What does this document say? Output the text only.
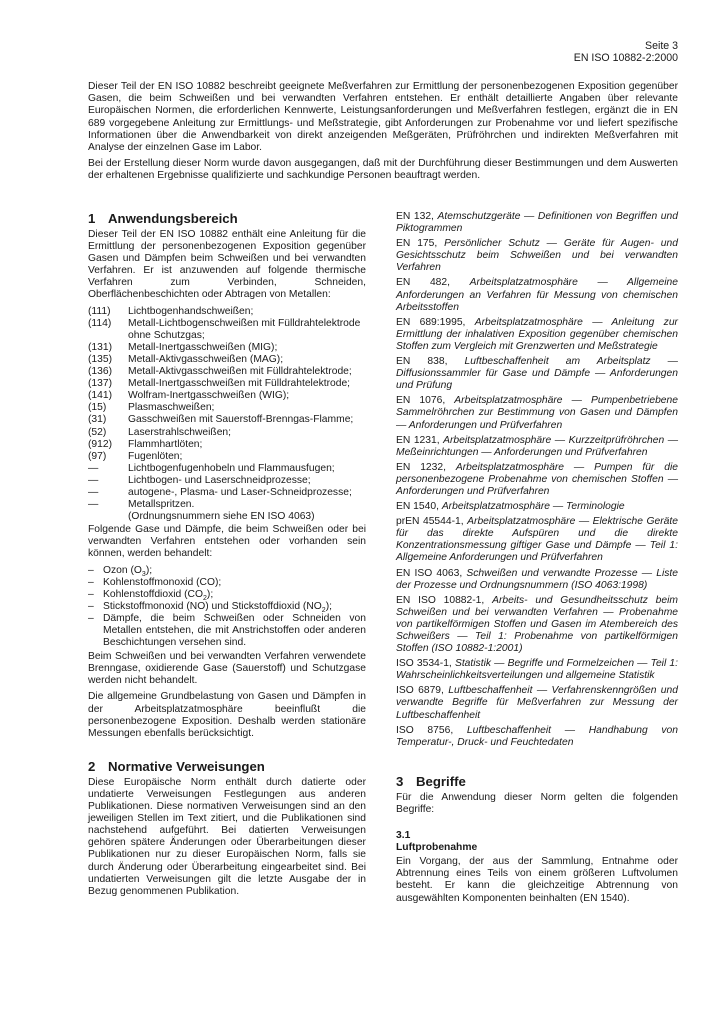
Seite 3
EN ISO 10882-2:2000

Dieser Teil der EN ISO 10882 beschreibt geeignete Meßverfahren zur Ermittlung der personenbezogenen Exposition gegenüber Gasen, die beim Schweißen und bei verwandten Verfahren entstehen. Er enthält detaillierte Angaben über relevante Europäischen Normen, die erforderlichen Kennwerte, Leistungsanforderungen und Meßverfahren festlegen, ergänzt die in EN 689 vorgegebene Anleitung zur Ermittlungs- und Meßstrategie, gibt Anforderungen zur Probenahme vor und liefert spezifische Informationen über die Anwendbarkeit von direkt anzeigenden Meßgeräten, Prüfröhrchen und indirekten Meßverfahren mit Analyse der einzelnen Gase im Labor.

Bei der Erstellung dieser Norm wurde davon ausgegangen, daß mit der Durchführung dieser Bestimmungen und dem Auswerten der erhaltenen Ergebnisse qualifizierte und sachkundige Personen beauftragt werden.

1 Anwendungsbereich

Dieser Teil der EN ISO 10882 enthält eine Anleitung für die Ermittlung der personenbezogenen Exposition gegenüber Gasen und Dämpfen beim Schweißen und bei verwandten Verfahren. Er ist anzuwenden auf folgende thermische Verfahren zum Verbinden, Schneiden, Oberflächenbeschichten oder Abtragen von Metallen:

(111)	Lichtbogenhandschweißen;
(114)	Metall-Lichtbogenschweißen mit Fülldrahtelektrode ohne Schutzgas;
(131)	Metall-Inertgasschweißen (MIG);
(135)	Metall-Aktivgasschweißen (MAG);
(136)	Metall-Aktivgasschweißen mit Fülldrahtelektrode;
(137)	Metall-Inertgasschweißen mit Fülldrahtelektrode;
(141)	Wolfram-Inertgasschweißen (WIG);
(15)	Plasmaschweißen;
(31)	Gasschweißen mit Sauerstoff-Brenngas-Flamme;
(52)	Laserstrahlschweißen;
(912)	Flammhartlöten;
(97)	Fugenlöten;
—	Lichtbogenfugenhobeln und Flammausfugen;
—	Lichtbogen- und Laserschneidprozesse;
—	autogene-, Plasma- und Laser-Schneidprozesse;
—	Metallspritzen.
(Ordnungsnummern siehe EN ISO 4063)

Folgende Gase und Dämpfe, die beim Schweißen oder bei verwandten Verfahren entstehen oder vorhanden sein können, werden behandelt:

– Ozon $(O_3)$;
– Kohlenstoffmonoxid (CO);
– Kohlenstoffdioxid $(CO_2)$;
– Stickstoffmonoxid (NO) und Stickstoffdioxid $(NO_2)$;
– Dämpfe, die beim Schweißen oder Schneiden von Metallen entstehen, die mit Anstrichstoffen oder anderen Beschichtungen versehen sind.

Beim Schweißen und bei verwandten Verfahren verwendete Brenngase, oxidierende Gase (Sauerstoff) und Schutzgase werden nicht behandelt.

Die allgemeine Grundbelastung von Gasen und Dämpfen in der Arbeitsplatzatmosphäre beeinflußt die personenbezogene Exposition. Deshalb werden stationäre Messungen ebenfalls berücksichtigt.

2 Normative Verweisungen

Diese Europäische Norm enthält durch datierte oder undatierte Verweisungen Festlegungen aus anderen Publikationen. Diese normativen Verweisungen sind an den jeweiligen Stellen im Text zitiert, und die Publikationen sind nachstehend aufgeführt. Bei datierten Verweisungen gehören spätere Änderungen oder Überarbeitungen dieser Publikationen nur zu dieser Europäischen Norm, falls sie durch Änderung oder Überarbeitung eingearbeitet sind. Bei undatierten Verweisungen gilt die letzte Ausgabe der in Bezug genommenen Publikation.

EN 132, Atemschutzgeräte — Definitionen von Begriffen und Piktogrammen

EN 175, Persönlicher Schutz — Geräte für Augen- und Gesichtsschutz beim Schweißen und bei verwandten Verfahren

EN 482, Arbeitsplatzatmosphäre — Allgemeine Anforderungen an Verfahren für Messung von chemischen Arbeitsstoffen

EN 689:1995, Arbeitsplatzatmosphäre — Anleitung zur Ermittlung der inhalativen Exposition gegenüber chemischen Stoffen zum Vergleich mit Grenzwerten und Meßstrategie

EN 838, Luftbeschaffenheit am Arbeitsplatz — Diffusionssammler für Gase und Dämpfe — Anforderungen und Prüfung

EN 1076, Arbeitsplatzatmosphäre — Pumpenbetriebene Sammelröhrchen zur Bestimmung von Gasen und Dämpfen — Anforderungen und Prüfverfahren

EN 1231, Arbeitsplatzatmosphäre — Kurzzeitprüfröhrchen — Meßeinrichtungen — Anforderungen und Prüfverfahren

EN 1232, Arbeitsplatzatmosphäre — Pumpen für die personenbezogene Probenahme von chemischen Stoffen — Anforderungen und Prüfverfahren

EN 1540, Arbeitsplatzatmosphäre — Terminologie

prEN 45544-1, Arbeitsplatzatmosphäre — Elektrische Geräte für das direkte Aufspüren und die direkte Konzentrationsmessung giftiger Gase und Dämpfe — Teil 1: Allgemeine Anforderungen und Prüfverfahren

EN ISO 4063, Schweißen und verwandte Prozesse — Liste der Prozesse und Ordnungsnummern (ISO 4063:1998)

EN ISO 10882-1, Arbeits- und Gesundheitsschutz beim Schweißen und bei verwandten Verfahren — Probenahme von partikelförmigen Stoffen und Gasen im Atembereich des Schweißers — Teil 1: Probenahme von partikelförmigen Stoffen (ISO 10882-1:2001)

ISO 3534-1, Statistik — Begriffe und Formelzeichen — Teil 1: Wahrscheinlichkeitsverteilungen und allgemeine Statistik

ISO 6879, Luftbeschaffenheit — Verfahrenskenngrößen und verwandte Begriffe für Meßverfahren zur Messung der Luftbeschaffenheit

ISO 8756, Luftbeschaffenheit — Handhabung von Temperatur-, Druck- und Feuchtedaten

3 Begriffe

Für die Anwendung dieser Norm gelten die folgenden Begriffe:

3.1
Luftprobenahme

Ein Vorgang, der aus der Sammlung, Entnahme oder Abtrennung eines Teils von einem größeren Luftvolumen besteht. Er kann die gleichzeitige Abtrennung von ausgewählten Komponenten beinhalten (EN 1540).
